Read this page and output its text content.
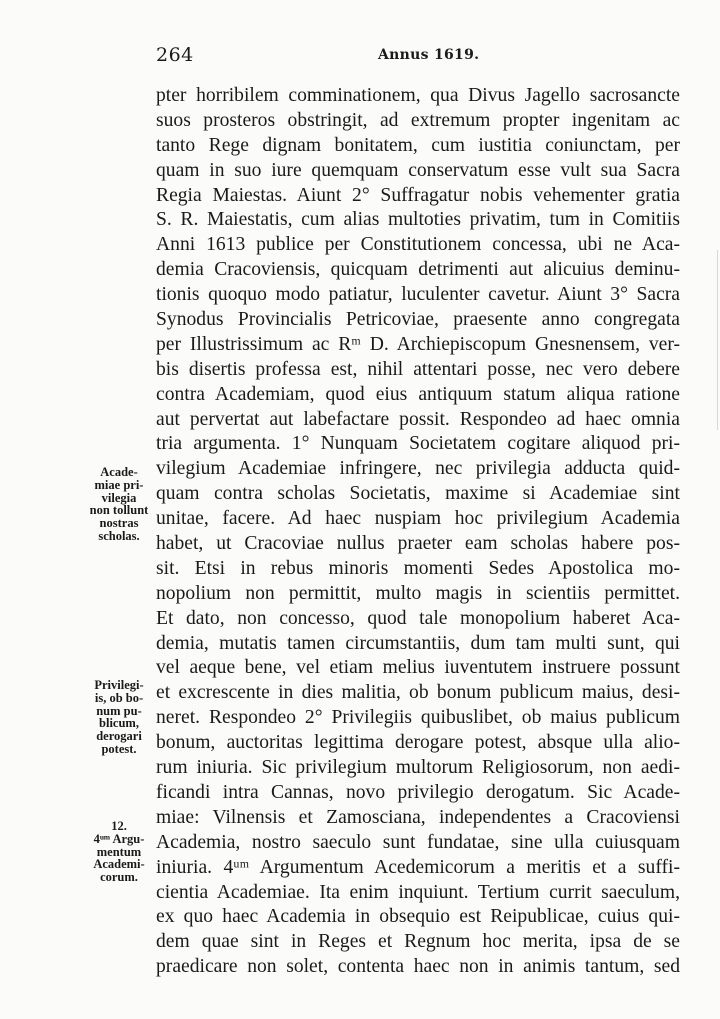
264	Annus 1619.
pter horribilem comminationem, qua Divus Jagello sacrosancte
suos prosteros obstringit, ad extremum propter ingenitam ac
tanto Rege dignam bonitatem, cum iustitia coniunctam, per
quam in suo iure quemquam conservatum esse vult sua Sacra
Regia Maiestas. Aiunt 2° Suffragatur nobis vehementer gratia
S. R. Maiestatis, cum alias multoties privatim, tum in Comitiis
Anni 1613 publice per Constitutionem concessa, ubi ne Aca-
demia Cracoviensis, quicquam detrimenti aut alicuius deminu-
tionis quoquo modo patiatur, luculenter cavetur. Aiunt 3° Sacra
Synodus Provincialis Petricoviae, praesente anno congregata
per Illustrissimum ac Rᵐ D. Archiepiscopum Gnesnensem, ver-
bis disertis professa est, nihil attentari posse, nec vero debere
contra Academiam, quod eius antiquum statum aliqua ratione
aut pervertat aut labefactare possit. Respondeo ad haec omnia
tria argumenta. 1° Nunquam Societatem cogitare aliquod pri-
vilegium Academiae infringere, nec privilegia adducta quid-
quam contra scholas Societatis, maxime si Academiae sint
unitae, facere. Ad haec nuspiam hoc privilegium Academia
habet, ut Cracoviae nullus praeter eam scholas habere pos-
sit. Etsi in rebus minoris momenti Sedes Apostolica mo-
nopolium non permittit, multo magis in scientiis permittet.
Et dato, non concesso, quod tale monopolium haberet Aca-
demia, mutatis tamen circumstantiis, dum tam multi sunt, qui
vel aeque bene, vel etiam melius iuventutem instruere possunt
et excrescente in dies malitia, ob bonum publicum maius, desi-
neret. Respondeo 2° Privilegiis quibuslibet, ob maius publicum
bonum, auctoritas legittima derogare potest, absque ulla alio-
rum iniuria. Sic privilegium multorum Religiosorum, non aedi-
ficandi intra Cannas, novo privilegio derogatum. Sic Acade-
miae: Vilnensis et Zamosciana, independentes a Cracoviensi
Academia, nostro saeculo sunt fundatae, sine ulla cuiusquam
iniuria. 4ᵘᵐ Argumentum Acedemicorum a meritis et a suffi-
cientia Academiae. Ita enim inquiunt. Tertium currit saeculum,
ex quo haec Academia in obsequio est Reipublicae, cuius qui-
dem quae sint in Reges et Regnum hoc merita, ipsa de se
praedicare non solet, contenta haec non in animis tantum, sed
Acade-
miae pri-
vilegia
non tollunt
nostras
scholas.
Privilegi-
is, ob bo-
num pu-
blicum,
derogari
potest.
12.
4ᵘᵐ Argu-
mentum
Academi-
corum.
